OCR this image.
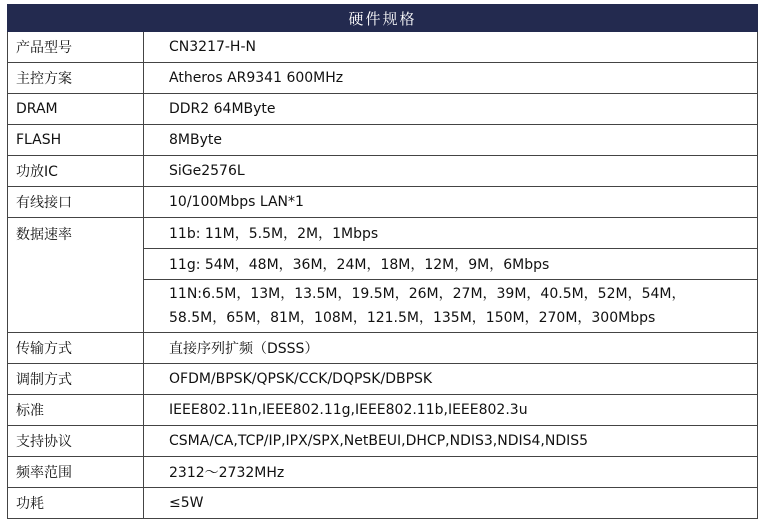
硬件规格	
产品型号	CN3217-H-N
主控方案	Atheros AR9341 600MHz
DRAM	DDR2 64MByte
FLASH	8MByte
功放IC	SiGe2576L
有线接口	10/100Mbps LAN*1
数据速率	11b: 11M，5.5M，2M，1Mbps
	11g: 54M，48M，36M，24M，18M，12M，9M，6Mbps
	11N:6.5M，13M，13.5M，19.5M，26M，27M，39M，40.5M，52M，54M，58.5M，65M，81M，108M，121.5M，135M，150M，270M，300Mbps
传输方式	直接序列扩频（DSSS）
调制方式	OFDM/BPSK/QPSK/CCK/DQPSK/DBPSK
标准	IEEE802.11n,IEEE802.11g,IEEE802.11b,IEEE802.3u
支持协议	CSMA/CA,TCP/IP,IPX/SPX,NetBEUI,DHCP,NDIS3,NDIS4,NDIS5
频率范围	2312～2732MHz
功耗	≤5W
